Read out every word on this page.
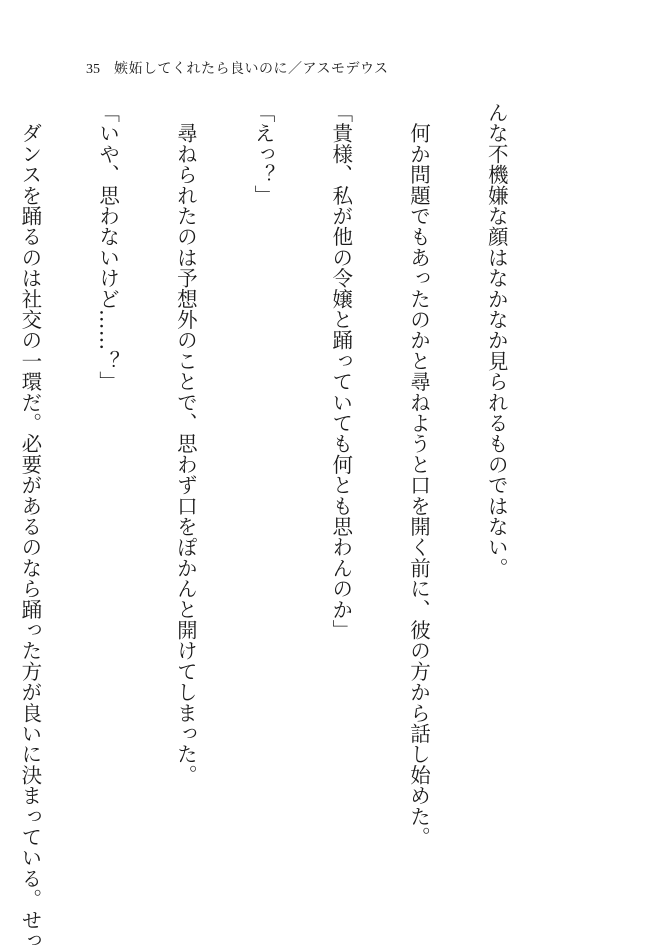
35 嫉妬してくれたら良いのに／アスモデウス

んな不機嫌な顔はなかなか見られるものではない。

　何か問題でもあったのかと尋ねようと口を開く前に、彼の方から話し始めた。

「貴様、私が他の令嬢と踊っていても何とも思わんのか」

「えっ？」

　尋ねられたのは予想外のことで、思わず口をぽかんと開けてしまった。

「いや、思わないけど……？」

　ダンスを踊るのは社交の一環だ。必要があるのなら踊った方が良いに決まっている。せっ
